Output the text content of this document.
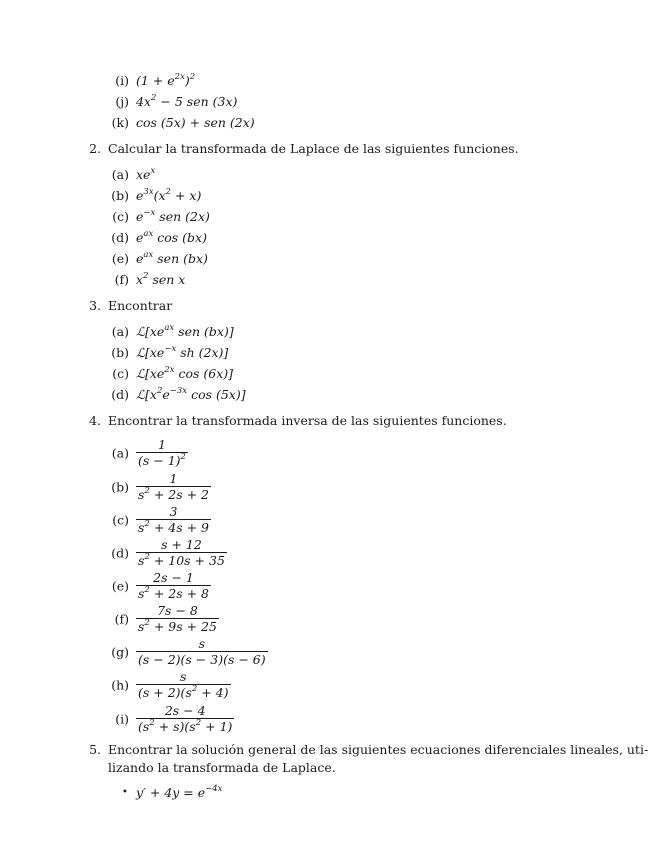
(i) $(1 + e^{2x})^2$
(j) $4x^2 - 5$ sen (3x)
(k) cos (5x) + sen (2x)
2. Calcular la transformada de Laplace de las siguientes funciones.
(a) $xe^x$
(b) $e^{3x}(x^2 + x)$
(c) $e^{-x}$ sen (2x)
(d) $e^{ax}$ cos (bx)
(e) $e^{ax}$ sen (bx)
(f) $x^2$ sen x
3. Encontrar
(a) $ℒ[xe^{ax}$ sen (bx)]
(b) $ℒ[xe^{-x}$ sh (2x)]
(c) $ℒ[xe^{2x}$ cos (6x)]
(d) $ℒ[x^2e^{-3x}$ cos (5x)]
4. Encontrar la transformada inversa de las siguientes funciones.
$(a) \frac{1}{(s - 1)^2}$
$(b) \frac{1}{s^2 + 2s + 2}$
$(c) \frac{3}{s^2 + 4s + 9}$
$(d) \frac{s + 12}{s^2 + 10s + 35}$
$(e) \frac{2s - 1}{s^2 + 2s + 8}$
$(f) \frac{7s - 8}{s^2 + 9s + 25}$
$(g) \frac{s}{(s - 2)(s - 3)(s - 6)}$
$(h) \frac{s}{(s + 2)(s^2 + 4)}$
$(i) \frac{2s - 4}{(s^2 + s)(s^2 + 1)}$
5. Encontrar la solución general de las siguientes ecuaciones diferenciales lineales, uti-
lizando la transformada de Laplace.
• $y' + 4y = e^{-4x}$
